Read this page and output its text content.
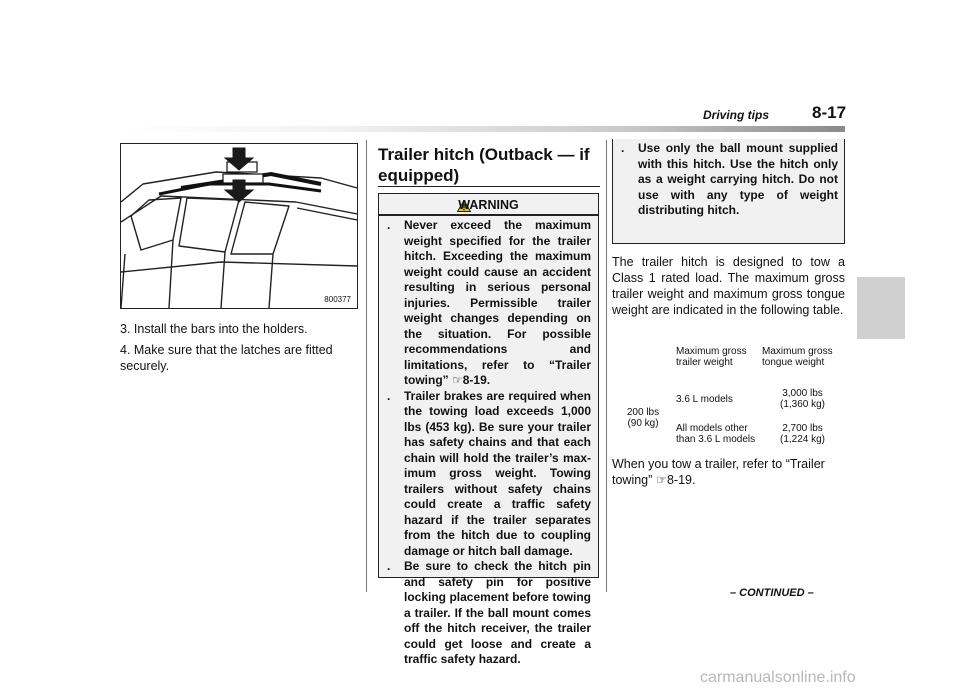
Driving tips	8-17
800377

3. Install the bars into the holders.

4. Make sure that the latches are fitted securely.

Trailer hitch (Outback — if equipped)
WARNING
. Never exceed the maximum weight specified for the trailer hitch. Exceeding the maximum weight could cause an accident resulting in serious personal injuries. Permissible trailer weight changes depending on the situation. For possible recommendations and limitations, refer to “Trailer towing” ☞8-19.
. Trailer brakes are required when the towing load exceeds 1,000 lbs (453 kg). Be sure your trailer has safety chains and that each chain will hold the trailer’s max-imum gross weight. Towing trailers without safety chains could create a traffic safety hazard if the trailer separates from the hitch due to coupling damage or hitch ball damage.
. Be sure to check the hitch pin and safety pin for positive locking placement before towing a trailer. If the ball mount comes off the hitch receiver, the trailer could get loose and create a traffic safety hazard.
. Use only the ball mount supplied with this hitch. Use the hitch only as a weight carrying hitch. Do not use with any type of weight distributing hitch.
The trailer hitch is designed to tow a Class 1 rated load. The maximum gross trailer weight and maximum gross tongue weight are indicated in the following table.
Maximum gross trailer weight
Maximum gross tongue weight
3.6 L models	3,000 lbs
(1,360 kg)
200 lbs
(90 kg) All models other than 3.6 L models
2,700 lbs
(1,224 kg)
When you tow a trailer, refer to “Trailer towing” ☞8-19.
– CONTINUED –
carmanualsonline.info
